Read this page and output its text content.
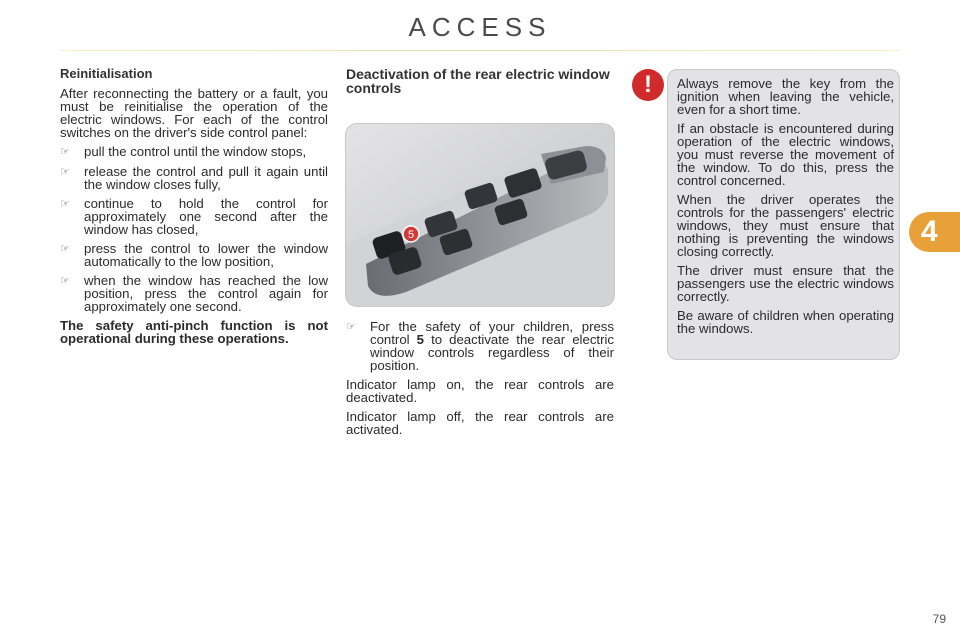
ACCESS
Reinitialisation

After reconnecting the battery or a fault, you must be reinitialise the operation of the electric windows. For each of the control switches on the driver's side control panel:

☞	pull the control until the window stops,
☞	release the control and pull it again until the window closes fully,
☞	continue to hold the control for approximately one second after the window has closed,
☞	press the control to lower the window automatically to the low position,
☞	when the window has reached the low position, press the control again for approximately one second.

The safety anti-pinch function is not operational during these operations.

Deactivation of the rear electric window controls
5
☞	For the safety of your children, press control 5 to deactivate the rear electric window controls regardless of their position.

Indicator lamp on, the rear controls are deactivated.

Indicator lamp off, the rear controls are activated.

!	Always remove the key from the ignition when leaving the vehicle, even for a short time.

If an obstacle is encountered during operation of the electric windows, you must reverse the movement of the window. To do this, press the control concerned.

When the driver operates the controls for the passengers' electric windows, they must ensure that nothing is preventing the windows closing correctly.

The driver must ensure that the passengers use the electric windows correctly.

Be aware of children when operating the windows.

4
79
